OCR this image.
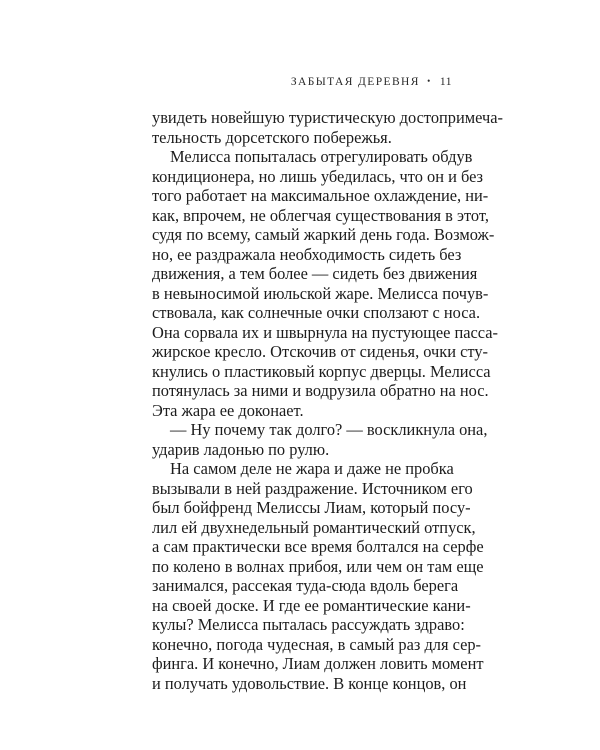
ЗАБЫТАЯ ДЕРЕВНЯ • 11
увидеть новейшую туристическую достопримеча-
тельность дорсетского побережья.
Мелисса попыталась отрегулировать обдув
кондиционера, но лишь убедилась, что он и без
того работает на максимальное охлаждение, ни-
как, впрочем, не облегчая существования в этот,
судя по всему, самый жаркий день года. Возмож-
но, ее раздражала необходимость сидеть без
движения, а тем более — сидеть без движения
в невыносимой июльской жаре. Мелисса почув-
ствовала, как солнечные очки сползают с носа.
Она сорвала их и швырнула на пустующее пасса-
жирское кресло. Отскочив от сиденья, очки сту-
кнулись о пластиковый корпус дверцы. Мелисса
потянулась за ними и водрузила обратно на нос.
Эта жара ее доконает.
— Ну почему так долго? — воскликнула она,
ударив ладонью по рулю.
На самом деле не жара и даже не пробка
вызывали в ней раздражение. Источником его
был бойфренд Мелиссы Лиам, который посу-
лил ей двухнедельный романтический отпуск,
а сам практически все время болтался на серфе
по колено в волнах прибоя, или чем он там еще
занимался, рассекая туда-сюда вдоль берега
на своей доске. И где ее романтические кани-
кулы? Мелисса пыталась рассуждать здраво:
конечно, погода чудесная, в самый раз для сер-
финга. И конечно, Лиам должен ловить момент
и получать удовольствие. В конце концов, он
